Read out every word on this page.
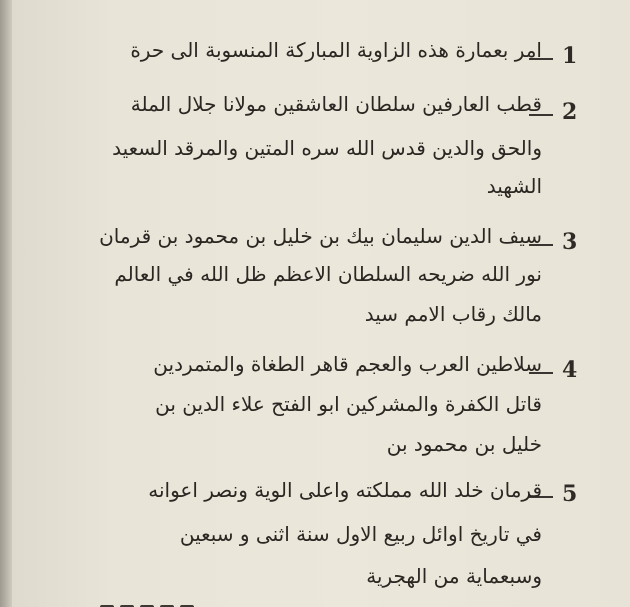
1
امر بعمارة هذه الزاوية المباركة المنسوبة الى حرة
2
قطب العارفين سلطان العاشقين مولانا جلال الملة
والحق والدين قدس الله سره المتين والمرقد السعيد
الشهيد
3
سيف الدين سليمان بيك بن خليل بن محمود بن قرمان
نور الله ضريحه السلطان الاعظم ظل الله في العالم
مالك رقاب الامم سيد
4
سلاطين العرب والعجم قاهر الطغاة والمتمردين
قاتل الكفرة والمشركين ابو الفتح علاء الدين بن
خليل بن محمود بن
5
قرمان خلد الله مملكته واعلى الوية ونصر اعوانه
في تاريخ اوائل ربيع الاول سنة اثنى و سبعين
وسبعماية من الهجرية
